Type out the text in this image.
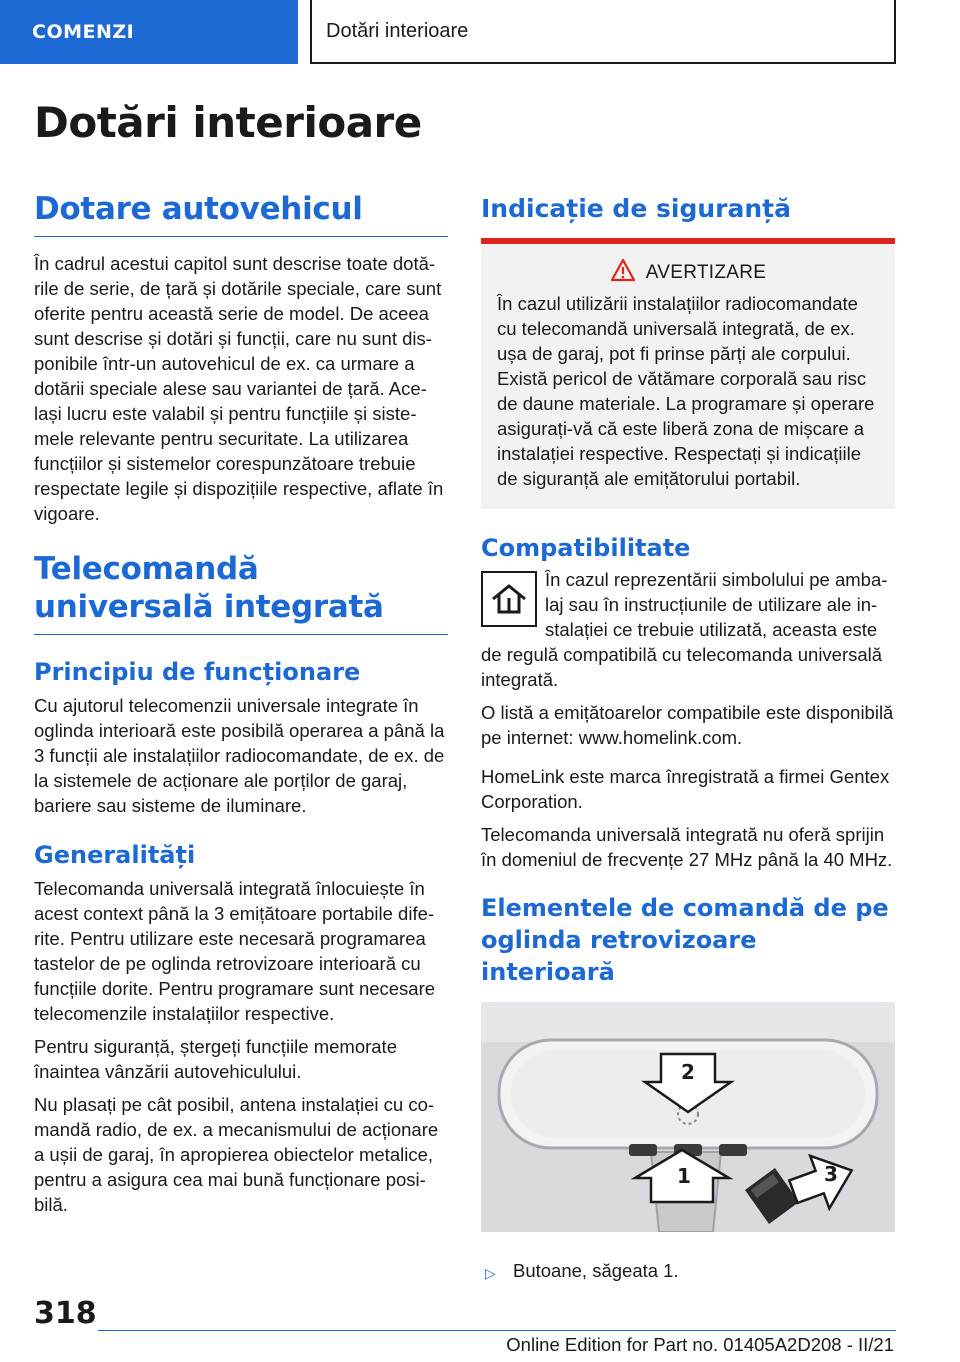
COMENZI	Dotări interioare
Dotări interioare
Dotare autovehicul

În cadrul acestui capitol sunt descrise toate dotările de serie, de țară și dotările speciale, care sunt oferite pentru această serie de model. De aceea sunt descrise și dotări și funcții, care nu sunt disponibile într-un autovehicul de ex. ca urmare a dotării speciale alese sau variantei de țară. Același lucru este valabil și pentru funcțiile și sistemele relevante pentru securitate. La utilizarea funcțiilor și sistemelor corespunzătoare trebuie respectate legile și dispozițiile respective, aflate în vigoare.

Telecomandă universală integrată
Principiu de funcționare

Cu ajutorul telecomenzii universale integrate în oglinda interioară este posibilă operarea a până la 3 funcții ale instalațiilor radiocomandate, de ex. de la sistemele de acționare ale porților de garaj, bariere sau sisteme de iluminare.

Generalități

Telecomanda universală integrată înlocuiește în acest context până la 3 emițătoare portabile diferite. Pentru utilizare este necesară programarea tastelor de pe oglinda retrovizoare interioară cu funcțiile dorite. Pentru programare sunt necesare telecomenzile instalațiilor respective.

Pentru siguranță, ștergeți funcțiile memorate înaintea vânzării autovehiculului.

Nu plasați pe cât posibil, antena instalației cu comandă radio, de ex. a mecanismului de acționare a ușii de garaj, în apropierea obiectelor metalice, pentru a asigura cea mai bună funcționare posibilă.

Indicație de siguranță
AVERTIZARE

În cazul utilizării instalațiilor radiocomandate cu telecomandă universală integrată, de ex. ușa de garaj, pot fi prinse părți ale corpului. Există pericol de vătămare corporală sau risc de daune materiale. La programare și operare asigurați-vă că este liberă zona de mișcare a instalației respective. Respectați și indicațiile de siguranță ale emițătorului portabil.

Compatibilitate

În cazul reprezentării simbolului pe ambalaj sau în instrucțiunile de utilizare ale instalației ce trebuie utilizată, aceasta este de regulă compatibilă cu telecomanda universală integrată.

O listă a emițătoarelor compatibile este disponibilă pe internet: www.homelink.com.

HomeLink este marca înregistrată a firmei Gentex Corporation.

Telecomanda universală integrată nu oferă sprijin în domeniul de frecvențe 27 MHz până la 40 MHz.

Elementele de comandă de pe oglinda retrovizoare interioară
2
1	3
▷ Butoane, săgeata 1.
318
Online Edition for Part no. 01405A2D208 - II/21
